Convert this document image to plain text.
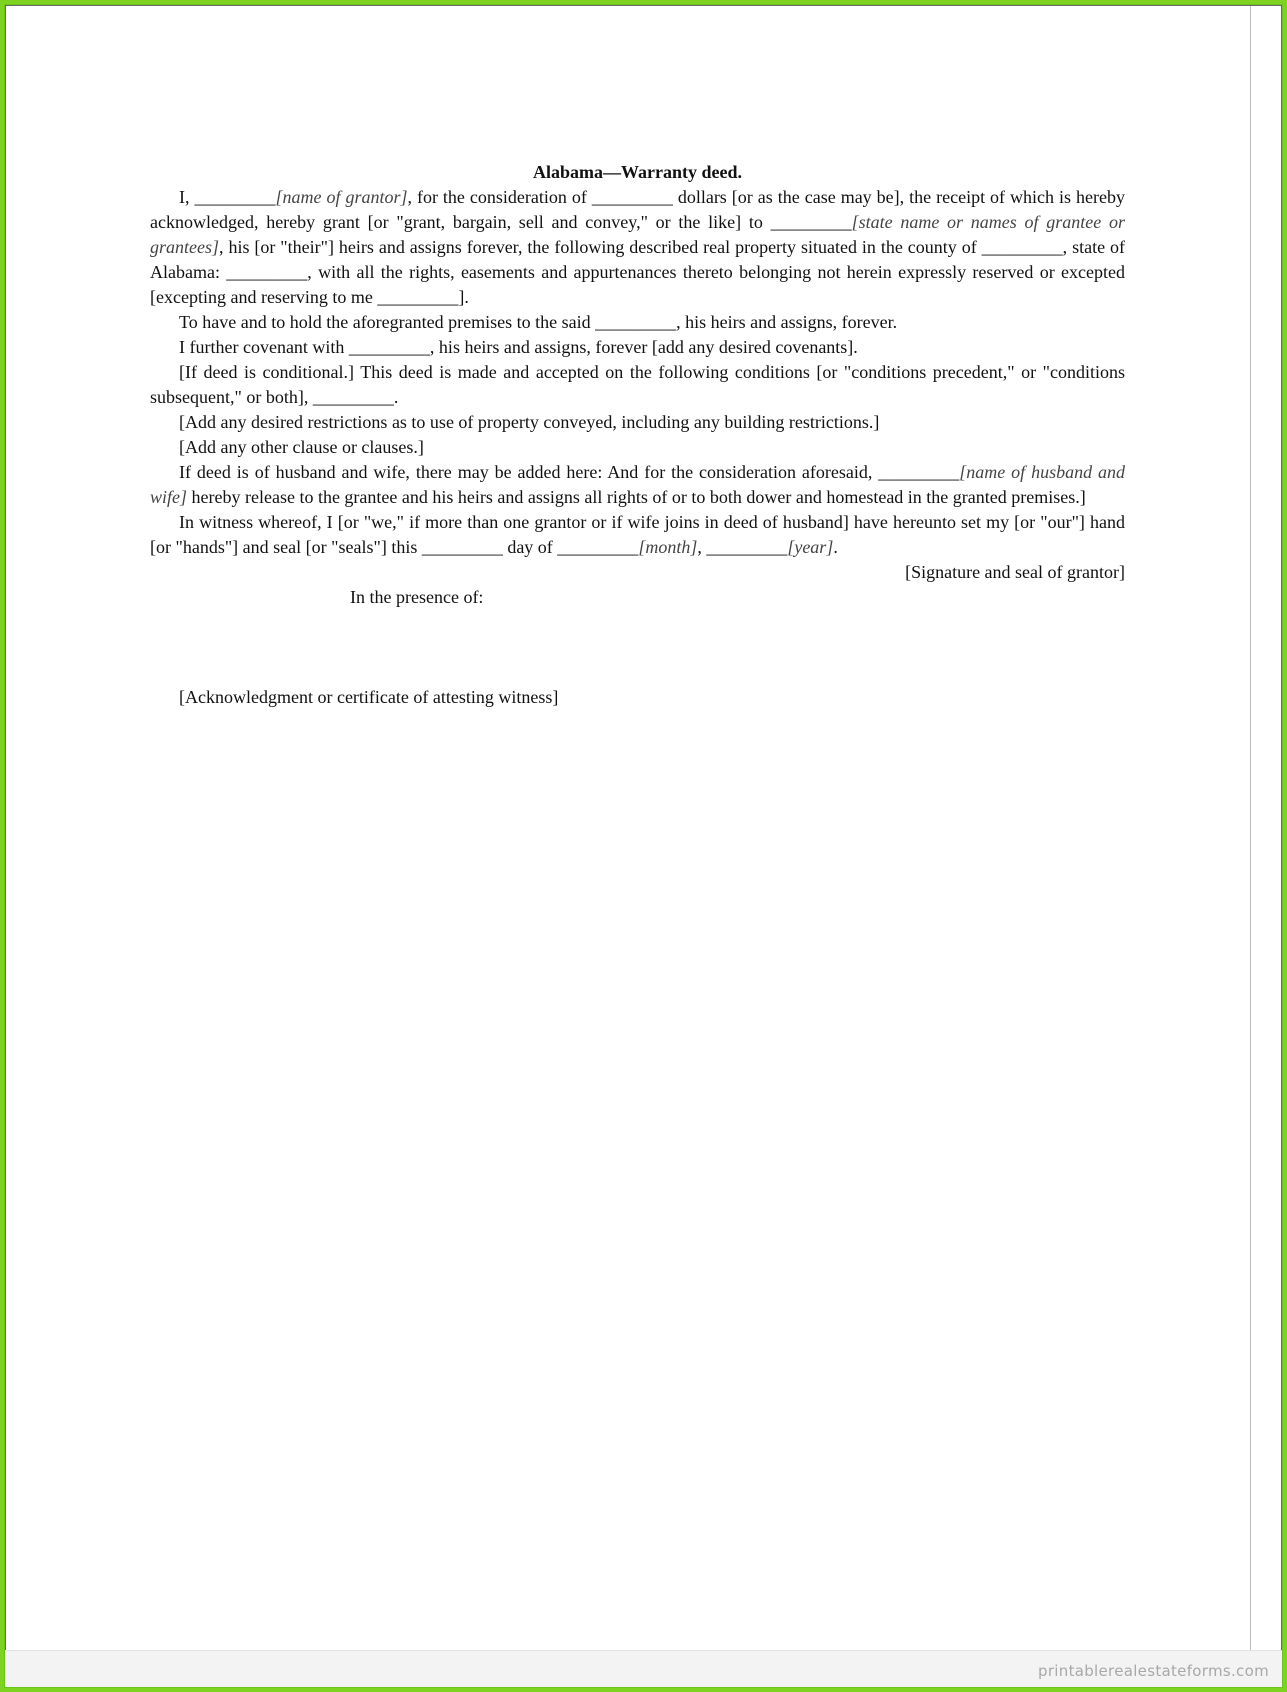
Alabama—Warranty deed.

I, _________[name of grantor], for the consideration of _________ dollars [or as the case may be], the receipt of which is hereby acknowledged, hereby grant [or "grant, bargain, sell and convey," or the like] to _________[state name or names of grantee or grantees], his [or "their"] heirs and assigns forever, the following described real property situated in the county of _________, state of Alabama: _________, with all the rights, easements and appurtenances thereto belonging not herein expressly reserved or excepted [excepting and reserving to me _________].

To have and to hold the aforegranted premises to the said _________, his heirs and assigns, forever.

I further covenant with _________, his heirs and assigns, forever [add any desired covenants].

[If deed is conditional.] This deed is made and accepted on the following conditions [or "conditions precedent," or "conditions subsequent," or both], _________.

[Add any desired restrictions as to use of property conveyed, including any building restrictions.]

[Add any other clause or clauses.]

If deed is of husband and wife, there may be added here: And for the consideration aforesaid, _________[name of husband and wife] hereby release to the grantee and his heirs and assigns all rights of or to both dower and homestead in the granted premises.]

In witness whereof, I [or "we," if more than one grantor or if wife joins in deed of husband] have hereunto set my [or "our"] hand [or "hands"] and seal [or "seals"] this _________ day of _________[month], _________[year].

[Signature and seal of grantor]

In the presence of:

[Acknowledgment or certificate of attesting witness]

printablerealestateforms.com
